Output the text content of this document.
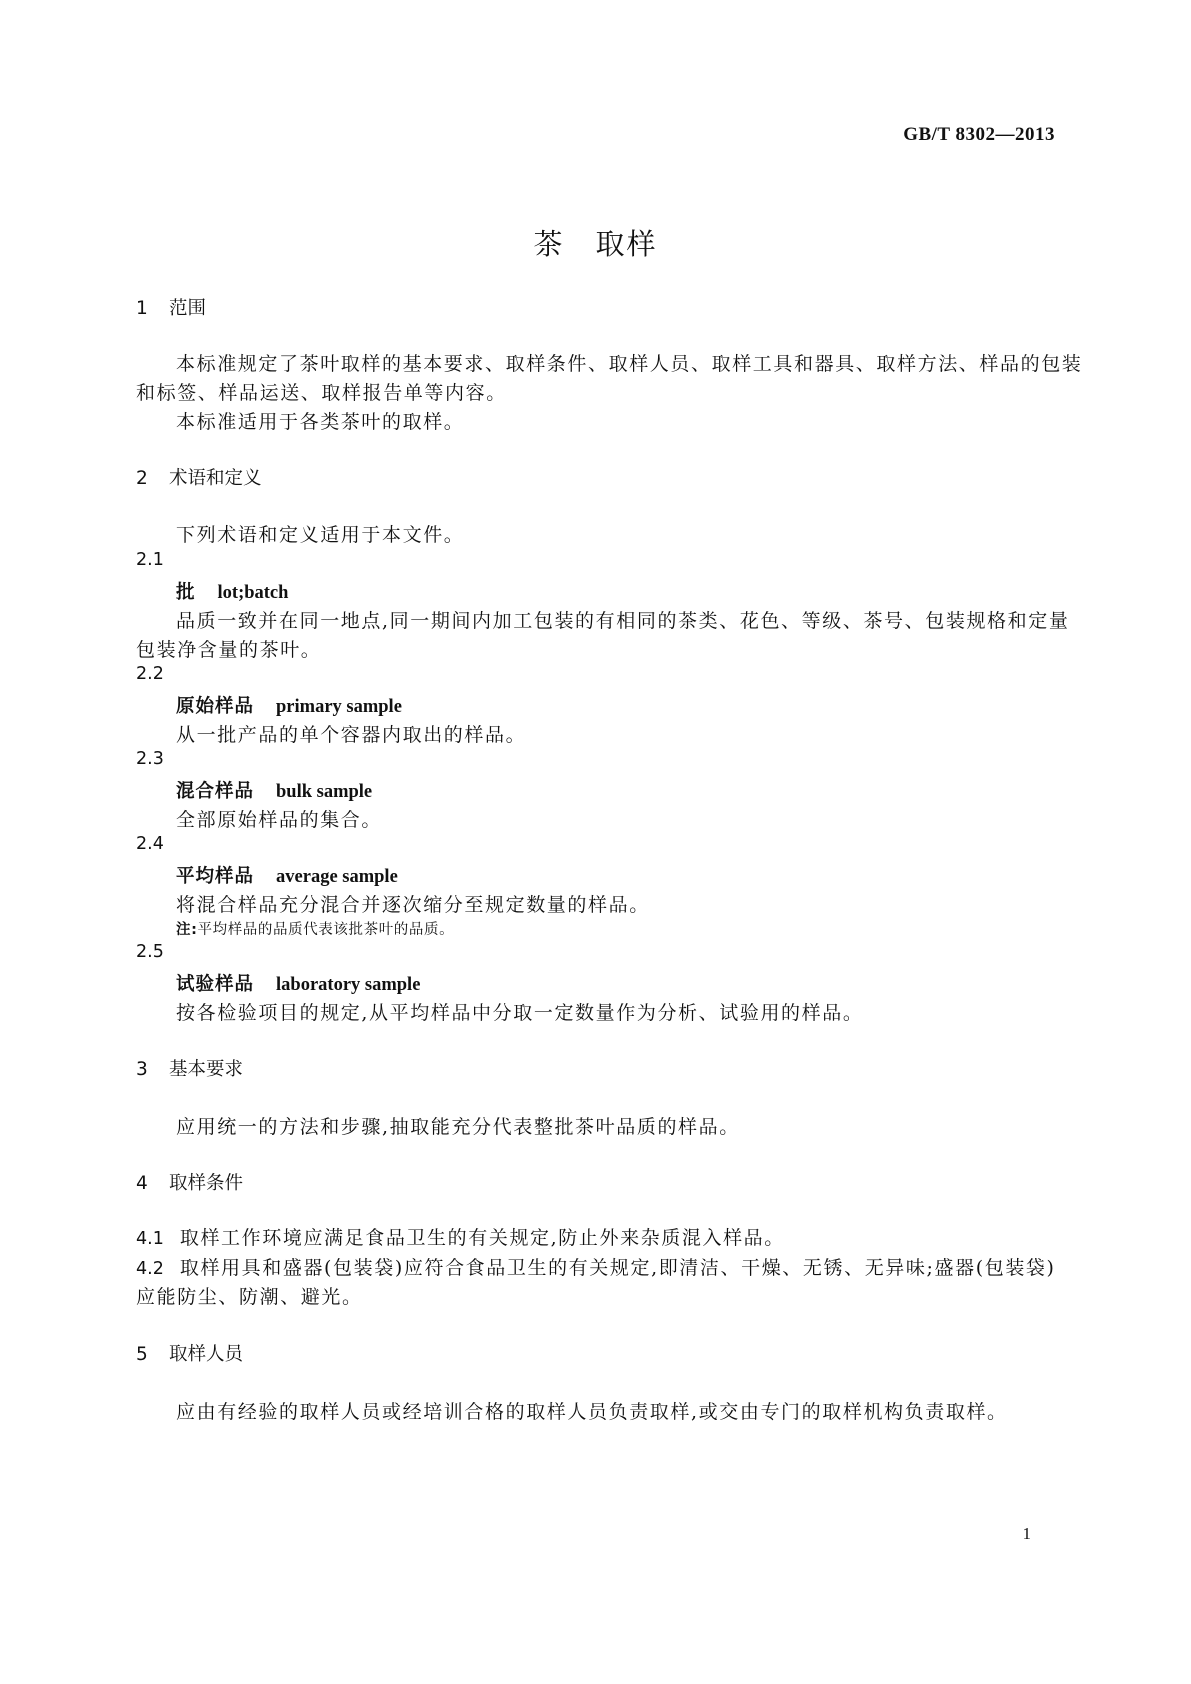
GB/T 8302—2013
茶　取样
1 范围
本标准规定了茶叶取样的基本要求、取样条件、取样人员、取样工具和器具、取样方法、样品的包装
和标签、样品运送、取样报告单等内容。
本标准适用于各类茶叶的取样。
2 术语和定义
下列术语和定义适用于本文件。
2.1
批 lot;batch
品质一致并在同一地点,同一期间内加工包装的有相同的茶类、花色、等级、茶号、包装规格和定量
包装净含量的茶叶。
2.2
原始样品 primary sample
从一批产品的单个容器内取出的样品。
2.3
混合样品 bulk sample
全部原始样品的集合。
2.4
平均样品 average sample
将混合样品充分混合并逐次缩分至规定数量的样品。
注:平均样品的品质代表该批茶叶的品质。
2.5
试验样品 laboratory sample
按各检验项目的规定,从平均样品中分取一定数量作为分析、试验用的样品。
3 基本要求
应用统一的方法和步骤,抽取能充分代表整批茶叶品质的样品。
4 取样条件
4.1 取样工作环境应满足食品卫生的有关规定,防止外来杂质混入样品。
4.2 取样用具和盛器(包装袋)应符合食品卫生的有关规定,即清洁、干燥、无锈、无异味;盛器(包装袋)
应能防尘、防潮、避光。
5 取样人员
应由有经验的取样人员或经培训合格的取样人员负责取样,或交由专门的取样机构负责取样。
1
